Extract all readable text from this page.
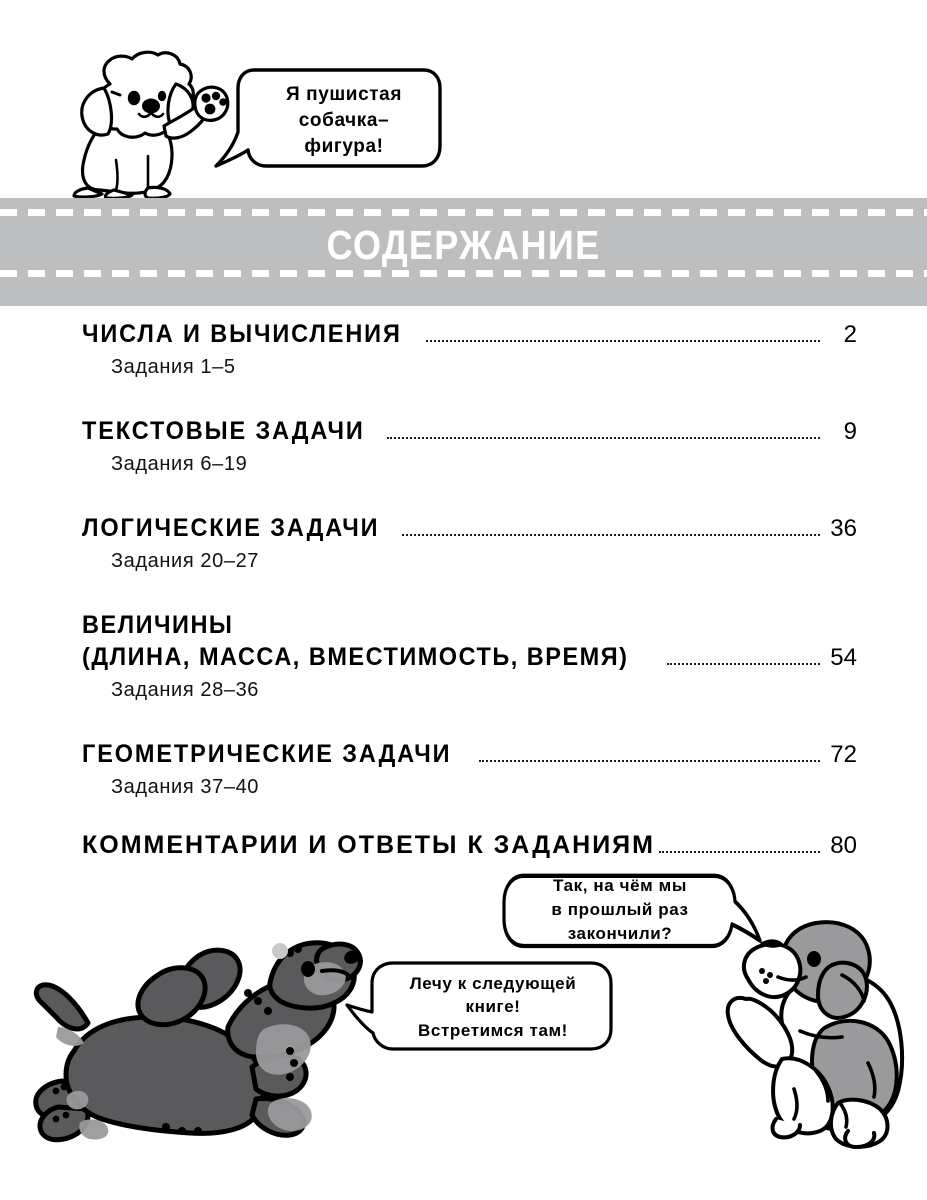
Я пушистая
собачка–
фигура!
СОДЕРЖАНИЕ
ЧИСЛА И ВЫЧИСЛЕНИЯ	2
Задания 1–5
ТЕКСТОВЫЕ ЗАДАЧИ	9
Задания 6–19
ЛОГИЧЕСКИЕ ЗАДАЧИ	36
Задания 20–27
ВЕЛИЧИНЫ
(ДЛИНА, МАССА, ВМЕСТИМОСТЬ, ВРЕМЯ)	54
Задания 28–36
ГЕОМЕТРИЧЕСКИЕ ЗАДАЧИ	72
Задания 37–40
КОММЕНТАРИИ И ОТВЕТЫ К ЗАДАНИЯМ	80
Так, на чём мы
в прошлый раз
закончили?
Лечу к следующей
книге!
Встретимся там!
